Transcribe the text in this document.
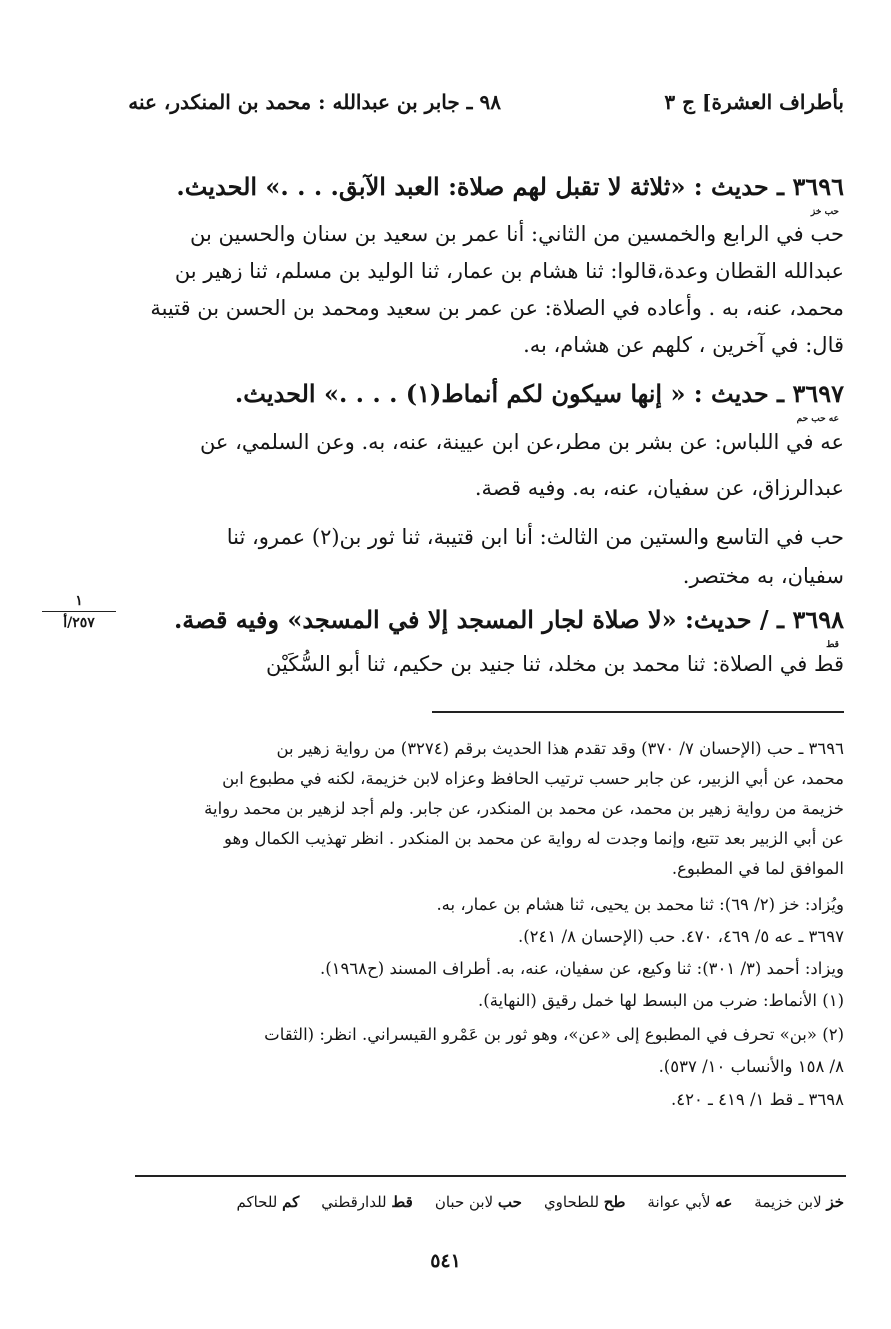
بأطراف العشرة] ج ٣
٩٨ ـ جابر بن عبدالله : محمد بن المنكدر، عنه
٣٦٩٦ ـ حديث : «ثلاثة لا تقبل لهم صلاة: العبد الآبق. . . .» الحديث.
حب خز
حب في الرابع والخمسين من الثاني: أنا عمر بن سعيد بن سنان والحسين بن
عبدالله القطان وعدة،قالوا: ثنا هشام بن عمار، ثنا الوليد بن مسلم، ثنا زهير بن
محمد، عنه، به . وأعاده في الصلاة: عن عمر بن سعيد ومحمد بن الحسن بن قتيبة
قال: في آخرين ، كلهم عن هشام، به.
٣٦٩٧ ـ حديث : « إنها سيكون لكم أنماط(١) . . . .» الحديث.
عه حب حم
عه في اللباس: عن بشر بن مطر،عن ابن عيينة، عنه، به. وعن السلمي، عن
عبدالرزاق، عن سفيان، عنه، به. وفيه قصة.
حب في التاسع والستين من الثالث: أنا ابن قتيبة، ثنا ثور بن(٢) عمرو، ثنا
سفيان، به مختصر.
٣٦٩٨ ـ / حديث: «لا صلاة لجار المسجد إلا في المسجد» وفيه قصة.
قط
قط في الصلاة: ثنا محمد بن مخلد، ثنا جنيد بن حكيم، ثنا أبو السُّكَيْن
١
٢٥٧/أ
٣٦٩٦ ـ حب (الإحسان ٧/ ٣٧٠) وقد تقدم هذا الحديث برقم (٣٢٧٤) من رواية زهير بن
محمد، عن أبي الزبير، عن جابر حسب ترتيب الحافظ وعزاه لابن خزيمة، لكنه في مطبوع ابن
خزيمة من رواية زهير بن محمد، عن محمد بن المنكدر، عن جابر. ولم أجد لزهير بن محمد رواية
عن أبي الزبير بعد تتبع، وإنما وجدت له رواية عن محمد بن المنكدر . انظر تهذيب الكمال وهو
الموافق لما في المطبوع.
ويُزاد: خز (٢/ ٦٩): ثنا محمد بن يحيى، ثنا هشام بن عمار، به.
٣٦٩٧ ـ عه ٥/ ٤٦٩، ٤٧٠. حب (الإحسان ٨/ ٢٤١).
ويزاد: أحمد (٣/ ٣٠١): ثنا وكيع، عن سفيان، عنه، به. أطراف المسند (ح١٩٦٨).
(١) الأنماط: ضرب من البسط لها خمل رقيق (النهاية).
(٢) «بن» تحرف في المطبوع إلى «عن»، وهو ثور بن عَمْرو القيسراني. انظر: (الثقات
٨/ ١٥٨ والأنساب ١٠/ ٥٣٧).
٣٦٩٨ ـ قط ١/ ٤١٩ ـ ٤٢٠.
خز لابن خزيمة
عه لأبي عوانة
طح للطحاوي
حب لابن حبان
قط للدارقطني
كم للحاكم
٥٤١
